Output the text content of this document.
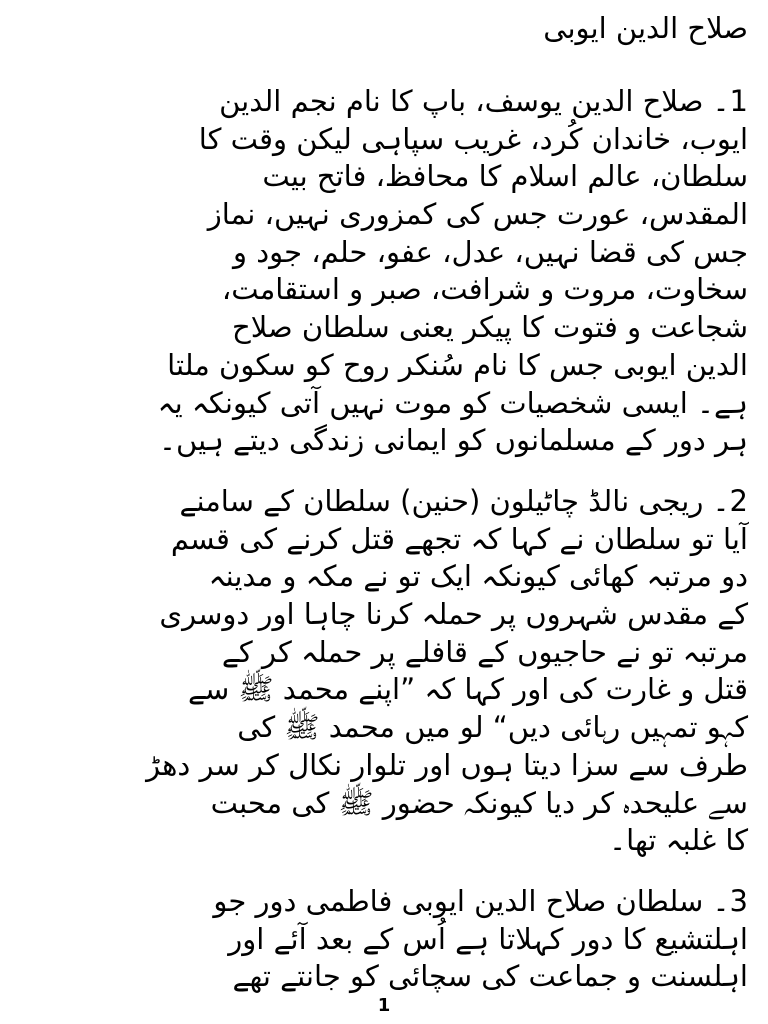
صلاح الدین ایوبی
1۔ صلاح الدین یوسف، باپ کا نام نجم الدین
ایوب، خاندان کُرد، غریب سپاہی لیکن وقت کا
سلطان، عالم اسلام کا محافظ، فاتح بیت
المقدس، عورت جس کی کمزوری نہیں، نماز
جس کی قضا نہیں، عدل، عفو، حلم، جود و
سخاوت، مروت و شرافت، صبر و استقامت،
شجاعت و فتوت کا پیکر یعنی سلطان صلاح
الدین ایوبی جس کا نام سُنکر روح کو سکون ملتا
ہے۔ ایسی شخصیات کو موت نہیں آتی کیونکہ یہ
ہر دور کے مسلمانوں کو ایمانی زندگی دیتے ہیں۔
2۔ ریجی نالڈ چاٹیلون (حنین) سلطان کے سامنے
آیا تو سلطان نے کہا کہ تجھے قتل کرنے کی قسم
دو مرتبہ کھائی کیونکہ ایک تو نے مکہ و مدینہ
کے مقدس شہروں پر حملہ کرنا چاہا اور دوسری
مرتبہ تو نے حاجیوں کے قافلے پر حملہ کر کے
قتل و غارت کی اور کہا کہ ”اپنے محمد ﷺ سے
کہو تمہیں رہائی دیں“ لو میں محمد ﷺ کی
طرف سے سزا دیتا ہوں اور تلوار نکال کر سر دھڑ
سے علیحدہ کر دیا کیونکہ حضور ﷺ کی محبت
کا غلبہ تھا۔
3۔ سلطان صلاح الدین ایوبی فاطمی دور جو
اہلتشیع کا دور کہلاتا ہے اُس کے بعد آئے اور
اہلسنت و جماعت کی سچائی کو جانتے تھے
1
